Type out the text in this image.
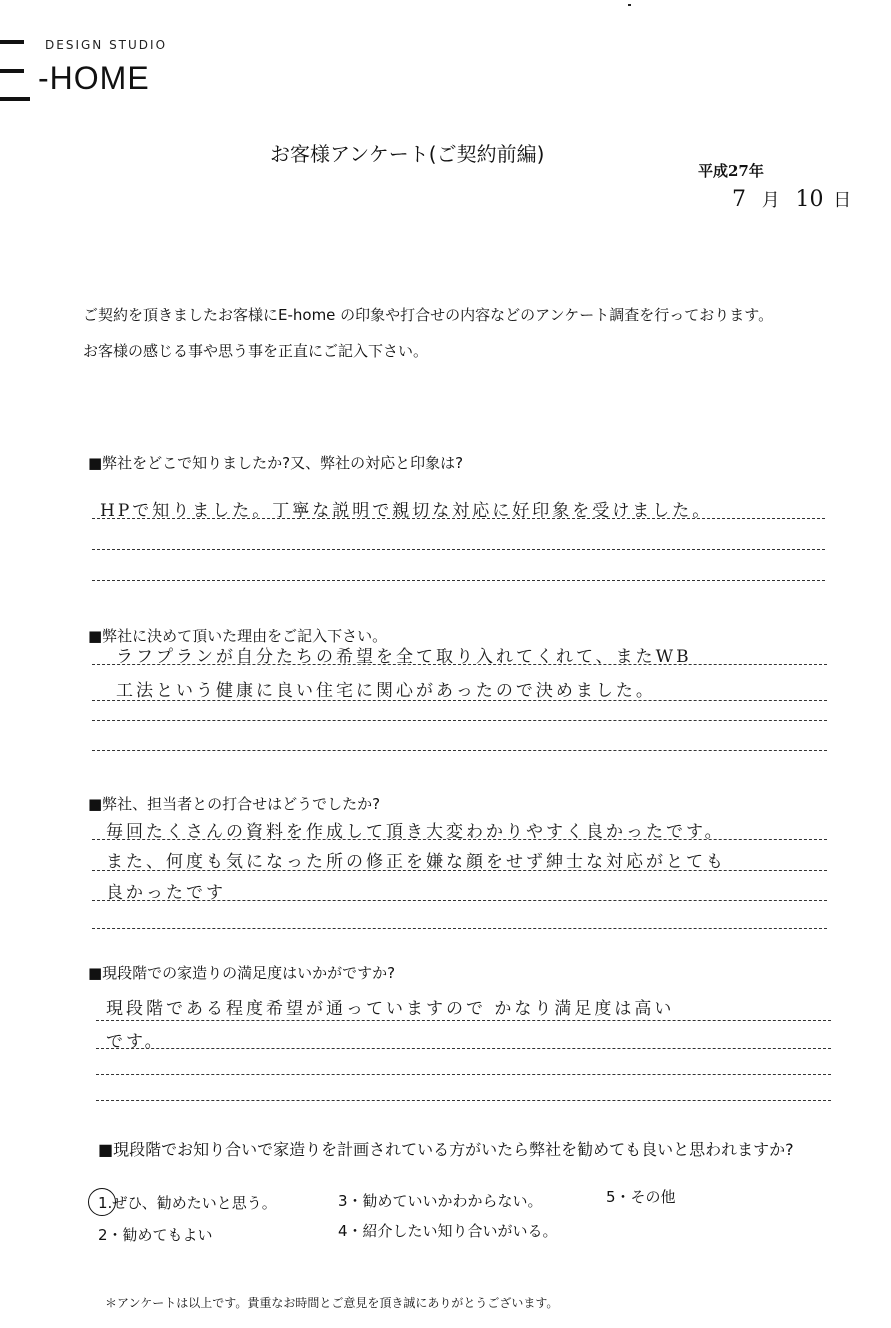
DESIGN STUDIO
-HOME
お客様アンケート(ご契約前編)
平成27年
7 月 10 日
ご契約を頂きましたお客様にE-home の印象や打合せの内容などのアンケート調査を行っております。
お客様の感じる事や思う事を正直にご記入下さい。
■弊社をどこで知りましたか?又、弊社の対応と印象は?
HPで知りました。丁寧な説明で親切な対応に好印象を受けました。
■弊社に決めて頂いた理由をご記入下さい。
ラフプランが自分たちの希望を全て取り入れてくれて、またWB
工法という健康に良い住宅に関心があったので決めました。
■弊社、担当者との打合せはどうでしたか?
毎回たくさんの資料を作成して頂き大変わかりやすく良かったです。
また、何度も気になった所の修正を嫌な顔をせず紳士な対応がとても
良かったです
■現段階での家造りの満足度はいかがですか?
現段階である程度希望が通っていますので かなり満足度は高い
です。
■現段階でお知り合いで家造りを計画されている方がいたら弊社を勧めても良いと思われますか?
1.ぜひ、勧めたいと思う。
2・勧めてもよい
3・勧めていいかわからない。
4・紹介したい知り合いがいる。
5・その他
＊アンケートは以上です。貴重なお時間とご意見を頂き誠にありがとうございます。
